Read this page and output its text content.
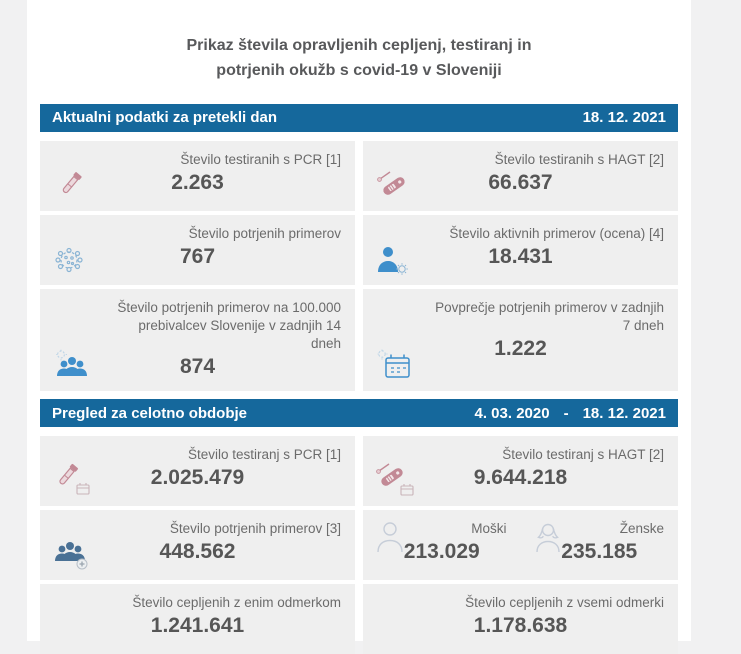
Prikaz števila opravljenih cepljenj, testiranj in
potrjenih okužb s covid-19 v Sloveniji
Aktualni podatki za pretekli dan	18. 12. 2021
Število testiranih s PCR [1]
2.263
Število testiranih s HAGT [2]
66.637
Število potrjenih primerov
767
Število aktivnih primerov (ocena) [4]
18.431
Število potrjenih primerov na 100.000 prebivalcev Slovenije v zadnjih 14 dneh
874
Povprečje potrjenih primerov v zadnjih 7 dneh
1.222
Pregled za celotno obdobje	4. 03. 2020 - 18. 12. 2021
Število testiranj s PCR [1]
2.025.479
Število testiranj s HAGT [2]
9.644.218
Število potrjenih primerov [3]
448.562
Moški
213.029
Ženske
235.185
Število cepljenih z enim odmerkom
1.241.641
Število cepljenih z vsemi odmerki
1.178.638
